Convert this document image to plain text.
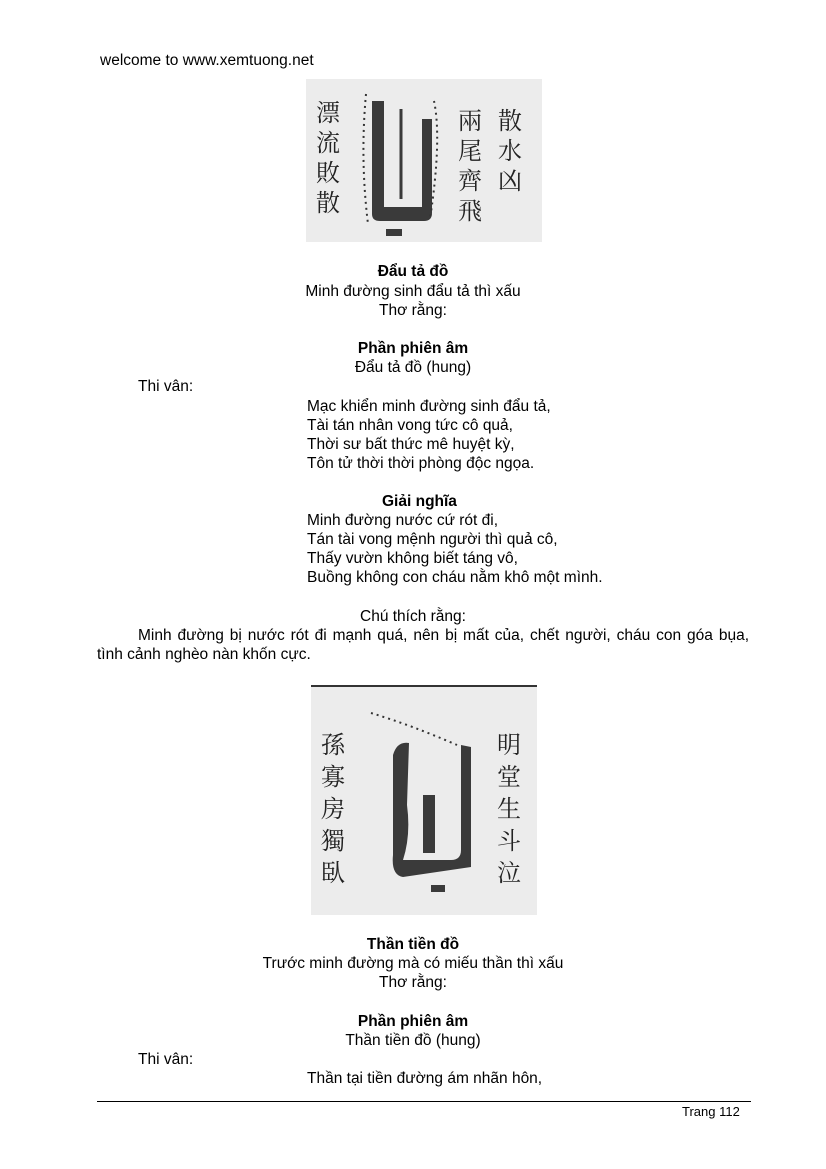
welcome to www.xemtuong.net
漂 流 敗 散
兩 尾 齊 飛
散 水 凶
Đẩu tả đồ
Minh đường sinh đẩu tả thì xấu
Thơ rằng:
Phần phiên âm
Đẩu tả đồ (hung)
Thi vân:
Mạc khiển minh đường sinh đẩu tả,
Tài tán nhân vong tức cô quả,
Thời sư bất thức mê huyệt kỳ,
Tôn tử thời thời phòng độc ngọa.
Giải nghĩa
Minh đường nước cứ rót đi,
Tán tài vong mệnh người thì quả cô,
Thấy vườn không biết táng vô,
Buồng không con cháu nằm khô một mình.
Chú thích rằng:
Minh đường bị nước rót đi mạnh quá, nên bị mất của, chết người, cháu con góa bụa, tình cảnh nghèo nàn khốn cực.
孫 寡 房 獨 臥
明 堂 生 斗 泣
Thần tiền đồ
Trước minh đường mà có miếu thần thì xấu
Thơ rằng:
Phần phiên âm
Thần tiền đồ (hung)
Thi vân:
Thần tại tiền đường ám nhãn hôn,
Trang 112
